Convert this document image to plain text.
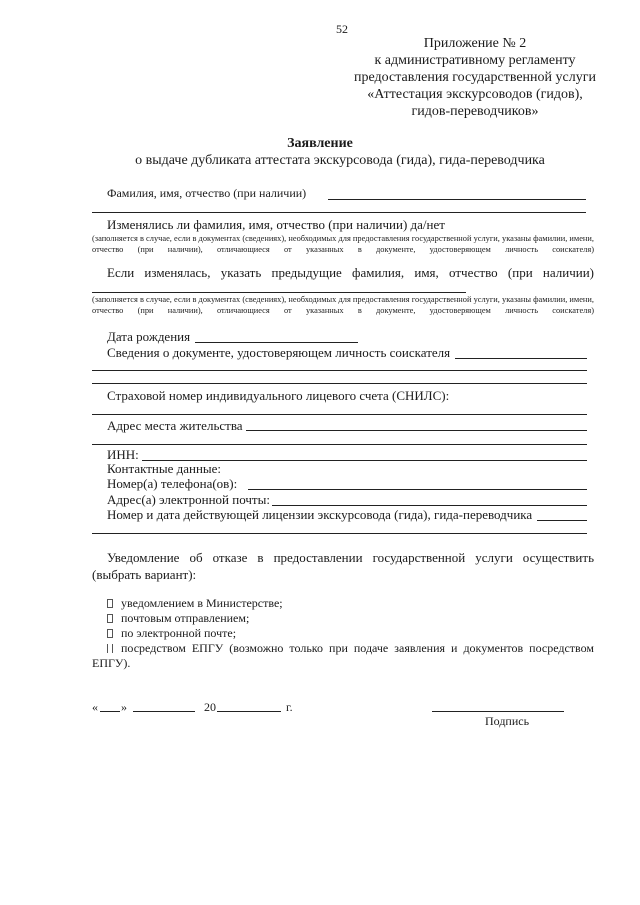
52
Приложение № 2
к административному регламенту
предоставления государственной услуги
«Аттестация экскурсоводов (гидов),
гидов-переводчиков»
Заявление
о выдаче дубликата аттестата экскурсовода (гида), гида-переводчика
Фамилия, имя, отчество (при наличии)
Изменялись ли фамилия, имя, отчество (при наличии) да/нет
(заполняется в случае, если в документах (сведениях), необходимых для предоставления государственной услуги, указаны фамилии, имени, отчество (при наличии), отличающиеся от указанных в документе, удостоверяющем личность соискателя)
Если изменялась, указать предыдущие фамилия, имя, отчество (при наличии)
(заполняется в случае, если в документах (сведениях), необходимых для предоставления государственной услуги, указаны фамилии, имени, отчество (при наличии), отличающиеся от указанных в документе, удостоверяющем личность соискателя)
Дата рождения
Сведения о документе, удостоверяющем личность соискателя
Страховой номер индивидуального лицевого счета (СНИЛС):
Адрес места жительства
ИНН:
Контактные данные:
Номер(а) телефона(ов):
Адрес(а) электронной почты:
Номер и дата действующей лицензии экскурсовода (гида), гида-переводчика
Уведомление об отказе в предоставлении государственной услуги осуществить (выбрать вариант):
уведомлением в Министерстве;
почтовым отправлением;
по электронной почте;
посредством ЕПГУ (возможно только при подаче заявления и документов посредством ЕПГУ).
« »	20	г.
Подпись
